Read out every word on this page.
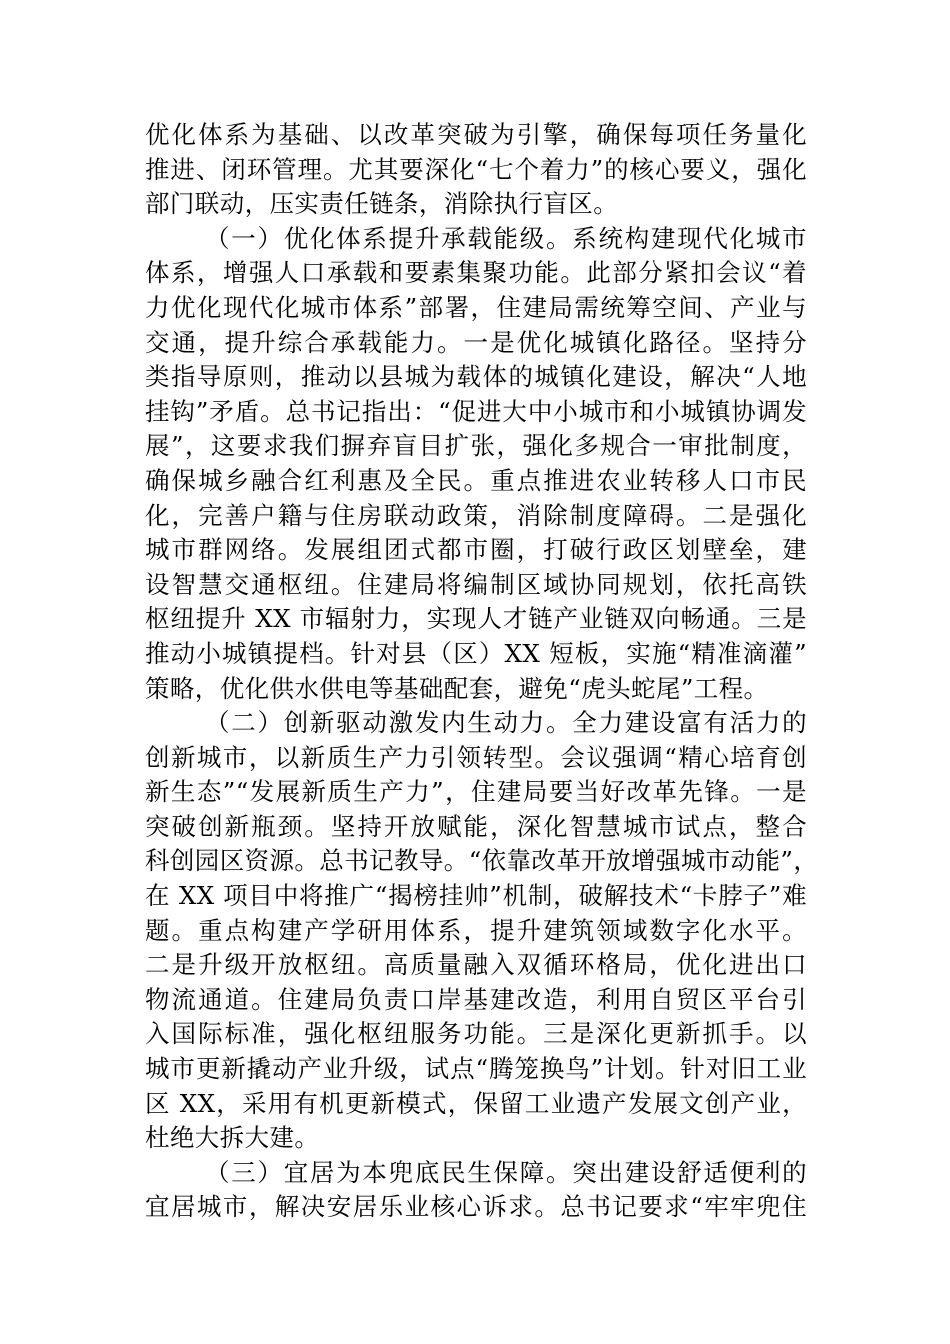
优化体系为基础、以改革突破为引擎，确保每项任务量化
推进、闭环管理。尤其要深化“七个着力”的核心要义，强化
部门联动，压实责任链条，消除执行盲区。
（一）优化体系提升承载能级。系统构建现代化城市
体系，增强人口承载和要素集聚功能。此部分紧扣会议“着
力优化现代化城市体系”部署，住建局需统筹空间、产业与
交通，提升综合承载能力。一是优化城镇化路径。坚持分
类指导原则，推动以县城为载体的城镇化建设，解决“人地
挂钩”矛盾。总书记指出：“促进大中小城市和小城镇协调发
展”，这要求我们摒弃盲目扩张，强化多规合一审批制度，
确保城乡融合红利惠及全民。重点推进农业转移人口市民
化，完善户籍与住房联动政策，消除制度障碍。二是强化
城市群网络。发展组团式都市圈，打破行政区划壁垒，建
设智慧交通枢纽。住建局将编制区域协同规划，依托高铁
枢纽提升 XX 市辐射力，实现人才链产业链双向畅通。三是
推动小城镇提档。针对县（区）XX 短板，实施“精准滴灌”
策略，优化供水供电等基础配套，避免“虎头蛇尾”工程。
（二）创新驱动激发内生动力。全力建设富有活力的
创新城市，以新质生产力引领转型。会议强调“精心培育创
新生态”“发展新质生产力”，住建局要当好改革先锋。一是
突破创新瓶颈。坚持开放赋能，深化智慧城市试点，整合
科创园区资源。总书记教导。“依靠改革开放增强城市动能”，
在 XX 项目中将推广“揭榜挂帅”机制，破解技术“卡脖子”难
题。重点构建产学研用体系，提升建筑领域数字化水平。
二是升级开放枢纽。高质量融入双循环格局，优化进出口
物流通道。住建局负责口岸基建改造，利用自贸区平台引
入国际标准，强化枢纽服务功能。三是深化更新抓手。以
城市更新撬动产业升级，试点“腾笼换鸟”计划。针对旧工业
区 XX，采用有机更新模式，保留工业遗产发展文创产业，
杜绝大拆大建。
（三）宜居为本兜底民生保障。突出建设舒适便利的
宜居城市，解决安居乐业核心诉求。总书记要求“牢牢兜住
